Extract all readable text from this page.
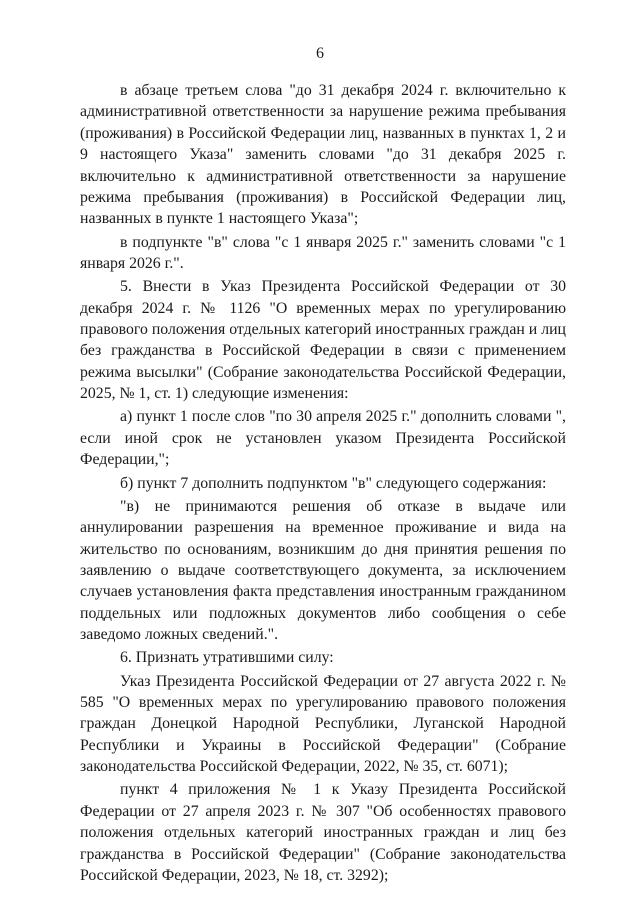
6

в абзаце третьем слова "до 31 декабря 2024 г. включительно к административной ответственности за нарушение режима пребывания (проживания) в Российской Федерации лиц, названных в пунктах 1, 2 и 9 настоящего Указа" заменить словами "до 31 декабря 2025 г. включительно к административной ответственности за нарушение режима пребывания (проживания) в Российской Федерации лиц, названных в пункте 1 настоящего Указа";

в подпункте "в" слова "с 1 января 2025 г." заменить словами "с 1 января 2026 г.".

5. Внести в Указ Президента Российской Федерации от 30 декабря 2024 г. № 1126 "О временных мерах по урегулированию правового положения отдельных категорий иностранных граждан и лиц без гражданства в Российской Федерации в связи с применением режима высылки" (Собрание законодательства Российской Федерации, 2025, № 1, ст. 1) следующие изменения:

а) пункт 1 после слов "по 30 апреля 2025 г." дополнить словами ", если иной срок не установлен указом Президента Российской Федерации,";

б) пункт 7 дополнить подпунктом "в" следующего содержания:

"в) не принимаются решения об отказе в выдаче или аннулировании разрешения на временное проживание и вида на жительство по основаниям, возникшим до дня принятия решения по заявлению о выдаче соответствующего документа, за исключением случаев установления факта представления иностранным гражданином поддельных или подложных документов либо сообщения о себе заведомо ложных сведений.".

6. Признать утратившими силу:

Указ Президента Российской Федерации от 27 августа 2022 г. № 585 "О временных мерах по урегулированию правового положения граждан Донецкой Народной Республики, Луганской Народной Республики и Украины в Российской Федерации" (Собрание законодательства Российской Федерации, 2022, № 35, ст. 6071);

пункт 4 приложения № 1 к Указу Президента Российской Федерации от 27 апреля 2023 г. № 307 "Об особенностях правового положения отдельных категорий иностранных граждан и лиц без гражданства в Российской Федерации" (Собрание законодательства Российской Федерации, 2023, № 18, ст. 3292);
